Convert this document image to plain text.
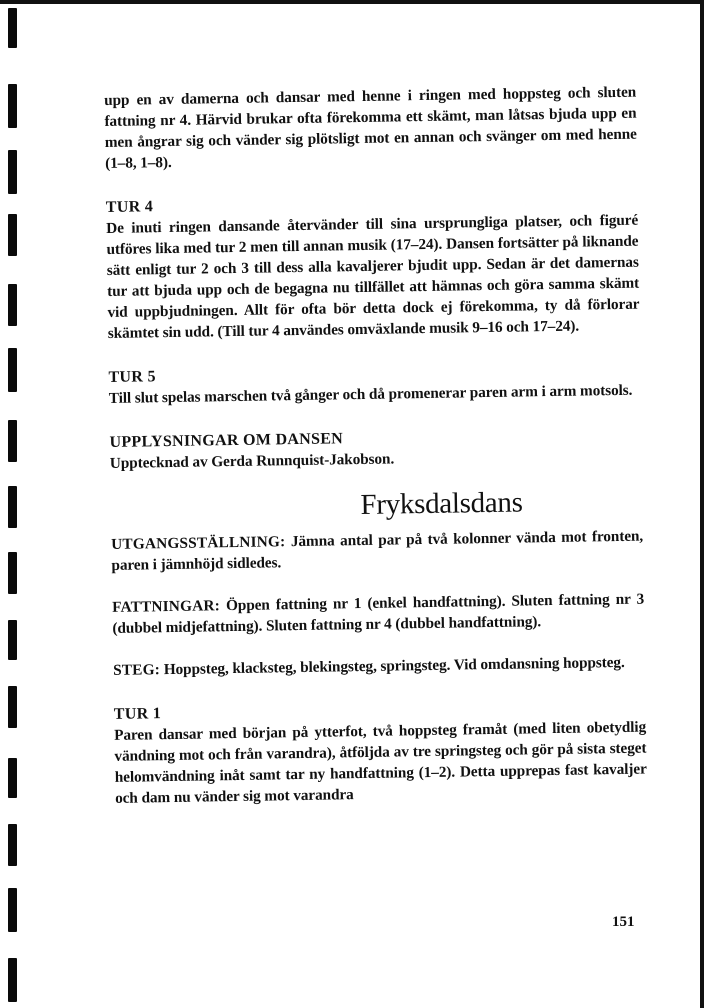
upp en av damerna och dansar med henne i ringen med hoppsteg och sluten fattning nr 4. Härvid brukar ofta förekomma ett skämt, man låtsas bjuda upp en men ångrar sig och vänder sig plötsligt mot en annan och svänger om med henne (1–8, 1–8).

TUR 4

De inuti ringen dansande återvänder till sina ursprungliga platser, och figuré utföres lika med tur 2 men till annan musik (17–24). Dansen fortsätter på liknande sätt enligt tur 2 och 3 till dess alla kavaljerer bjudit upp. Sedan är det damernas tur att bjuda upp och de begagna nu tillfället att hämnas och göra samma skämt vid uppbjudningen. Allt för ofta bör detta dock ej förekomma, ty då förlorar skämtet sin udd. (Till tur 4 användes omväxlande musik 9–16 och 17–24).

TUR 5

Till slut spelas marschen två gånger och då promenerar paren arm i arm motsols.

UPPLYSNINGAR OM DANSEN

Upptecknad av Gerda Runnquist-Jakobson.

Fryksdalsdans

UTGANGSSTÄLLNING: Jämna antal par på två kolonner vända mot fronten, paren i jämnhöjd sidledes.

FATTNINGAR: Öppen fattning nr 1 (enkel handfattning). Sluten fattning nr 3 (dubbel midjefattning). Sluten fattning nr 4 (dubbel handfattning).

STEG: Hoppsteg, klacksteg, blekingsteg, springsteg. Vid omdansning hoppsteg.

TUR 1

Paren dansar med början på ytterfot, två hoppsteg framåt (med liten obetydlig vändning mot och från varandra), åtföljda av tre springsteg och gör på sista steget helomvändning inåt samt tar ny handfattning (1–2). Detta upprepas fast kavaljer och dam nu vänder sig mot varandra

151
